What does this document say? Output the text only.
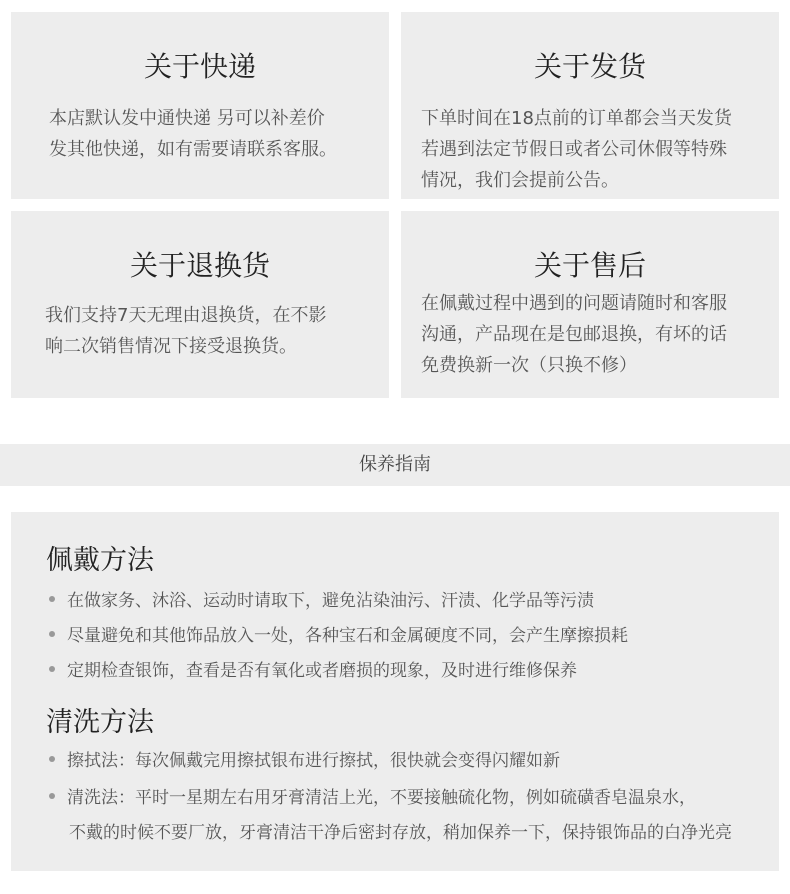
关于快递
本店默认发中通快递 另可以补差价
发其他快递，如有需要请联系客服。
关于发货
下单时间在18点前的订单都会当天发货
若遇到法定节假日或者公司休假等特殊
情况，我们会提前公告。
关于退换货
我们支持7天无理由退换货，在不影
响二次销售情况下接受退换货。
关于售后
在佩戴过程中遇到的问题请随时和客服
沟通，产品现在是包邮退换，有坏的话
免费换新一次（只换不修）
保养指南
佩戴方法
在做家务、沐浴、运动时请取下，避免沾染油污、汗渍、化学品等污渍
尽量避免和其他饰品放入一处，各种宝石和金属硬度不同，会产生摩擦损耗
定期检查银饰，查看是否有氧化或者磨损的现象，及时进行维修保养
清洗方法
擦拭法：每次佩戴完用擦拭银布进行擦拭，很快就会变得闪耀如新
清洗法：平时一星期左右用牙膏清洁上光，不要接触硫化物，例如硫磺香皂温泉水，
不戴的时候不要厂放，牙膏清洁干净后密封存放，稍加保养一下，保持银饰品的白净光亮
